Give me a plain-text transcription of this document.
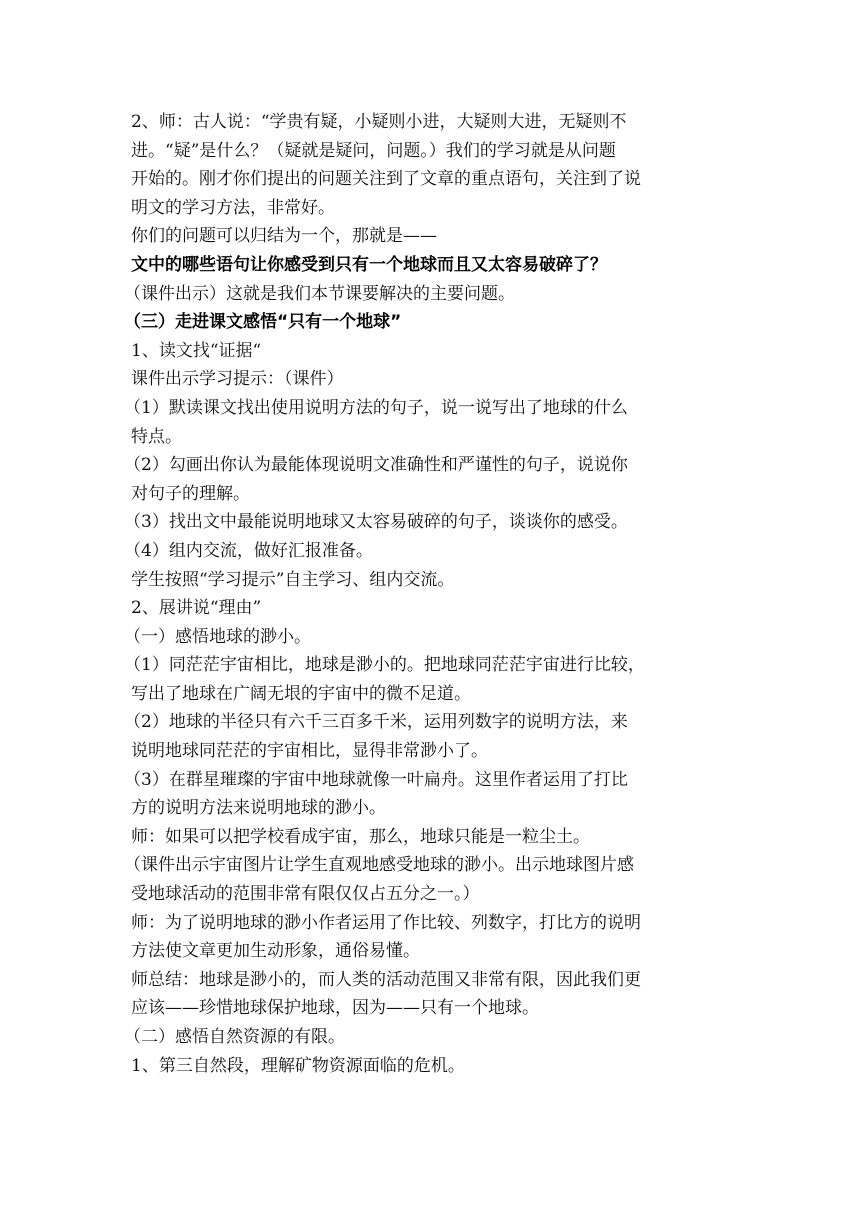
2、师：古人说：“学贵有疑，小疑则小进，大疑则大进，无疑则不
进。“疑”是什么？（疑就是疑问，问题。）我们的学习就是从问题
开始的。刚才你们提出的问题关注到了文章的重点语句，关注到了说
明文的学习方法，非常好。
你们的问题可以归结为一个，那就是——
文中的哪些语句让你感受到只有一个地球而且又太容易破碎了？
（课件出示）这就是我们本节课要解决的主要问题。
（三）走进课文感悟“只有一个地球”
1、读文找“证据“
课件出示学习提示：（课件）
（1）默读课文找出使用说明方法的句子，说一说写出了地球的什么
特点。
（2）勾画出你认为最能体现说明文准确性和严谨性的句子，说说你
对句子的理解。
（3）找出文中最能说明地球又太容易破碎的句子，谈谈你的感受。
（4）组内交流，做好汇报准备。
学生按照“学习提示”自主学习、组内交流。
2、展讲说“理由”
（一）感悟地球的渺小。
（1）同茫茫宇宙相比，地球是渺小的。把地球同茫茫宇宙进行比较，
写出了地球在广阔无垠的宇宙中的微不足道。
（2）地球的半径只有六千三百多千米，运用列数字的说明方法，来
说明地球同茫茫的宇宙相比，显得非常渺小了。
（3）在群星璀璨的宇宙中地球就像一叶扁舟。这里作者运用了打比
方的说明方法来说明地球的渺小。
师：如果可以把学校看成宇宙，那么，地球只能是一粒尘土。
（课件出示宇宙图片让学生直观地感受地球的渺小。出示地球图片感
受地球活动的范围非常有限仅仅占五分之一。）
师：为了说明地球的渺小作者运用了作比较、列数字，打比方的说明
方法使文章更加生动形象，通俗易懂。
师总结：地球是渺小的，而人类的活动范围又非常有限，因此我们更
应该——珍惜地球保护地球，因为——只有一个地球。
（二）感悟自然资源的有限。
1、第三自然段，理解矿物资源面临的危机。
